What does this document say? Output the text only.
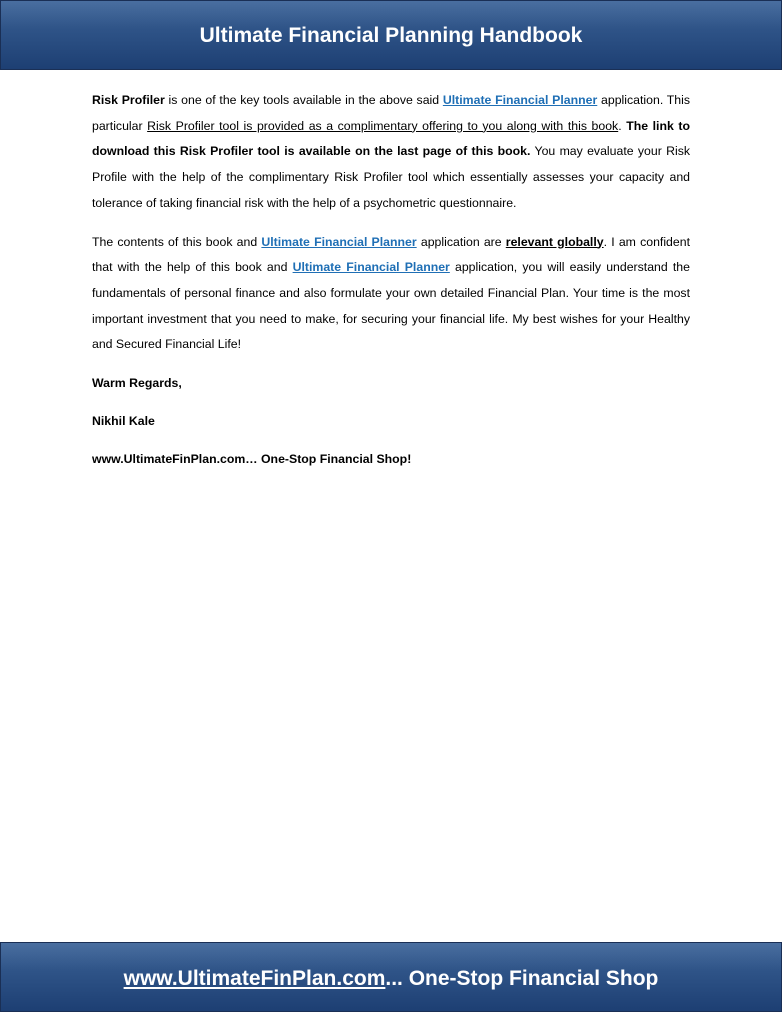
Ultimate Financial Planning Handbook

Risk Profiler is one of the key tools available in the above said Ultimate Financial Planner application. This particular Risk Profiler tool is provided as a complimentary offering to you along with this book. The link to download this Risk Profiler tool is available on the last page of this book. You may evaluate your Risk Profile with the help of the complimentary Risk Profiler tool which essentially assesses your capacity and tolerance of taking financial risk with the help of a psychometric questionnaire.

The contents of this book and Ultimate Financial Planner application are relevant globally. I am confident that with the help of this book and Ultimate Financial Planner application, you will easily understand the fundamentals of personal finance and also formulate your own detailed Financial Plan. Your time is the most important investment that you need to make, for securing your financial life. My best wishes for your Healthy and Secured Financial Life!

Warm Regards,

Nikhil Kale

www.UltimateFinPlan.com… One-Stop Financial Shop!

www.UltimateFinPlan.com... One-Stop Financial Shop
